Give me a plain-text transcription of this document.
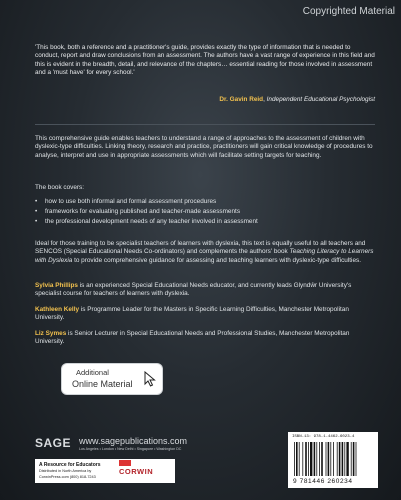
Copyrighted Material
'This book, both a reference and a practitioner's guide, provides exactly the type of information that is needed to conduct, report and draw conclusions from an assessment. The authors have a vast range of experience in this field and this is evident in the breadth, detail, and relevance of the chapters… essential reading for those involved in assessment and a 'must have' for every school.'
Dr. Gavin Reid, Independent Educational Psychologist
This comprehensive guide enables teachers to understand a range of approaches to the assessment of children with dyslexic-type difficulties. Linking theory, research and practice, practitioners will gain critical knowledge of procedures to analyse, interpret and use in appropriate assessments which will facilitate setting targets for teaching.
The book covers:
• how to use both informal and formal assessment procedures
• frameworks for evaluating published and teacher-made assessments
• the professional development needs of any teacher involved in assessment
Ideal for those training to be specialist teachers of learners with dyslexia, this text is equally useful to all teachers and SENCOS (Special Educational Needs Co-ordinators) and complements the authors' book Teaching Literacy to Learners with Dyslexia to provide comprehensive guidance for assessing and teaching learners with dyslexic-type difficulties.
Sylvia Phillips is an experienced Special Educational Needs educator, and currently leads Glyndŵr University's specialist course for teachers of learners with dyslexia.
Kathleen Kelly is Programme Leader for the Masters in Specific Learning Difficulties, Manchester Metropolitan University.
Liz Symes is Senior Lecturer in Special Educational Needs and Professional Studies, Manchester Metropolitan University.
Additional
Online Material
SAGE www.sagepublications.com
Los Angeles • London • New Delhi • Singapore • Washington DC
A Resource for Educators
Distributed in North America by
CorwinPress.com (800) 818-7243
CORWIN
ISBN-13: 978-1-4462-6023-4
9 781446 260234
